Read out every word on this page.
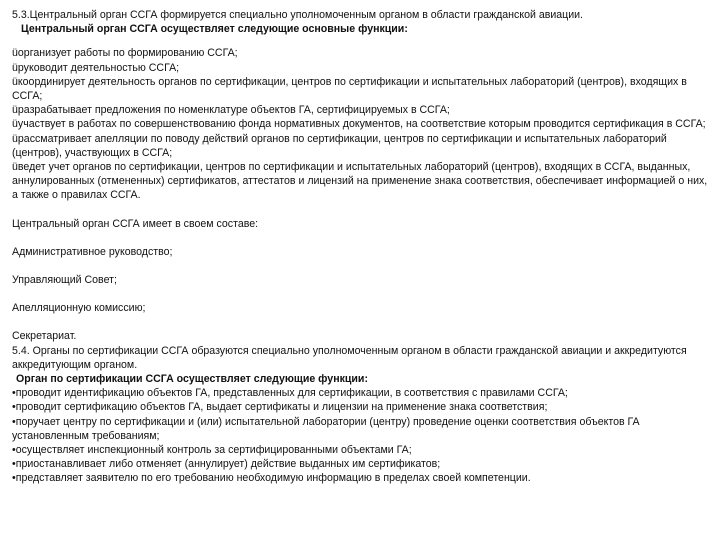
5.3.Центральный орган ССГА формируется специально уполномоченным органом в области гражданской авиации.

Центральный орган ССГА осуществляет следующие основные функции:

üорганизует работы по формированию ССГА;

üруководит деятельностью ССГА;

üкоординирует деятельность органов по сертификации, центров по сертификации и испытательных лабораторий (центров), входящих в ССГА;

üразрабатывает предложения по номенклатуре объектов ГА, сертифицируемых в ССГА;

üучаствует в работах по совершенствованию фонда нормативных документов, на соответствие которым проводится сертификация в ССГА;

üрассматривает апелляции по поводу действий органов по сертификации, центров по сертификации и испытательных лабораторий (центров), участвующих в ССГА;

üведет учет органов по сертификации, центров по сертификации и испытательных лабораторий (центров), входящих в ССГА, выданных, аннулированных (отмененных) сертификатов, аттестатов и лицензий на применение знака соответствия, обеспечивает информацией о них, а также о правилах ССГА.

Центральный орган ССГА имеет в своем составе:

Административное руководство;

Управляющий Совет;

Апелляционную комиссию;

Секретариат.

5.4. Органы по сертификации ССГА образуются специально уполномоченным органом в области гражданской авиации и аккредитуются аккредитующим органом.

Орган по сертификации ССГА осуществляет следующие функции:

•проводит идентификацию объектов ГА, представленных для сертификации, в соответствия с правилами ССГА;

•проводит сертификацию объектов ГА, выдает сертификаты и лицензии на применение знака соответствия;

•поручает центру по сертификации и (или) испытательной лаборатории (центру) проведение оценки соответствия объектов ГА установленным требованиям;

•осуществляет инспекционный контроль за сертифицированными объектами ГА;

•приостанавливает либо отменяет (аннулирует) действие выданных им сертификатов;

•представляет заявителю по его требованию необходимую информацию в пределах своей компетенции.
